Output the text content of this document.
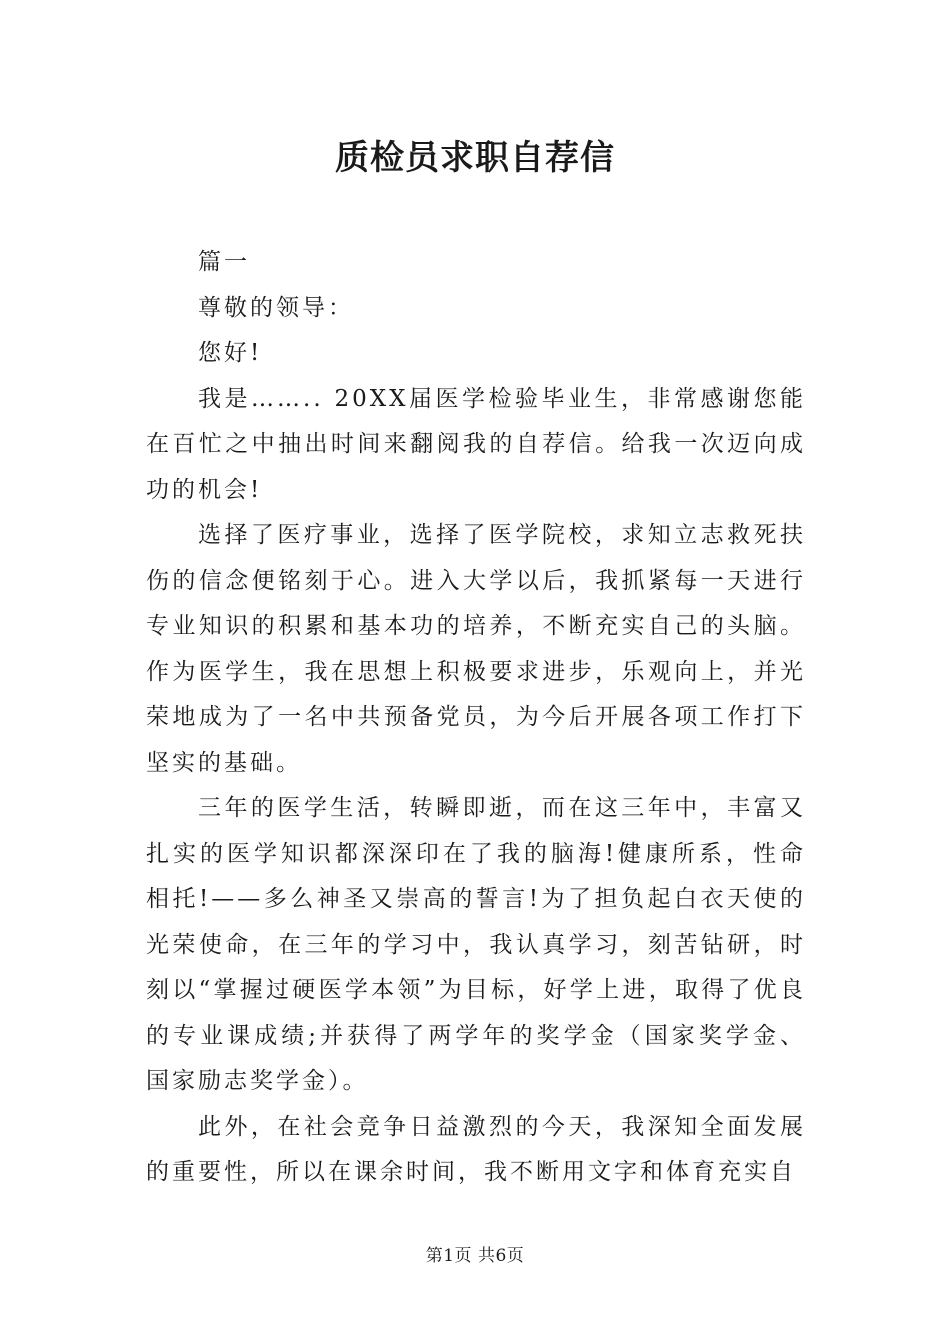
质检员求职自荐信

篇一

尊敬的领导：

您好!

我是…….. 20XX届医学检验毕业生，非常感谢您能在百忙之中抽出时间来翻阅我的自荐信。给我一次迈向成功的机会!

选择了医疗事业，选择了医学院校，求知立志救死扶伤的信念便铭刻于心。进入大学以后，我抓紧每一天进行专业知识的积累和基本功的培养，不断充实自己的头脑。作为医学生，我在思想上积极要求进步，乐观向上，并光荣地成为了一名中共预备党员，为今后开展各项工作打下坚实的基础。

三年的医学生活，转瞬即逝，而在这三年中，丰富又扎实的医学知识都深深印在了我的脑海!健康所系，性命相托!——多么神圣又崇高的誓言!为了担负起白衣天使的光荣使命，在三年的学习中，我认真学习，刻苦钻研，时刻以“掌握过硬医学本领”为目标，好学上进，取得了优良的专业课成绩;并获得了两学年的奖学金（国家奖学金、国家励志奖学金）。

此外，在社会竞争日益激烈的今天，我深知全面发展的重要性，所以在课余时间，我不断用文字和体育充实自

第1页 共6页
